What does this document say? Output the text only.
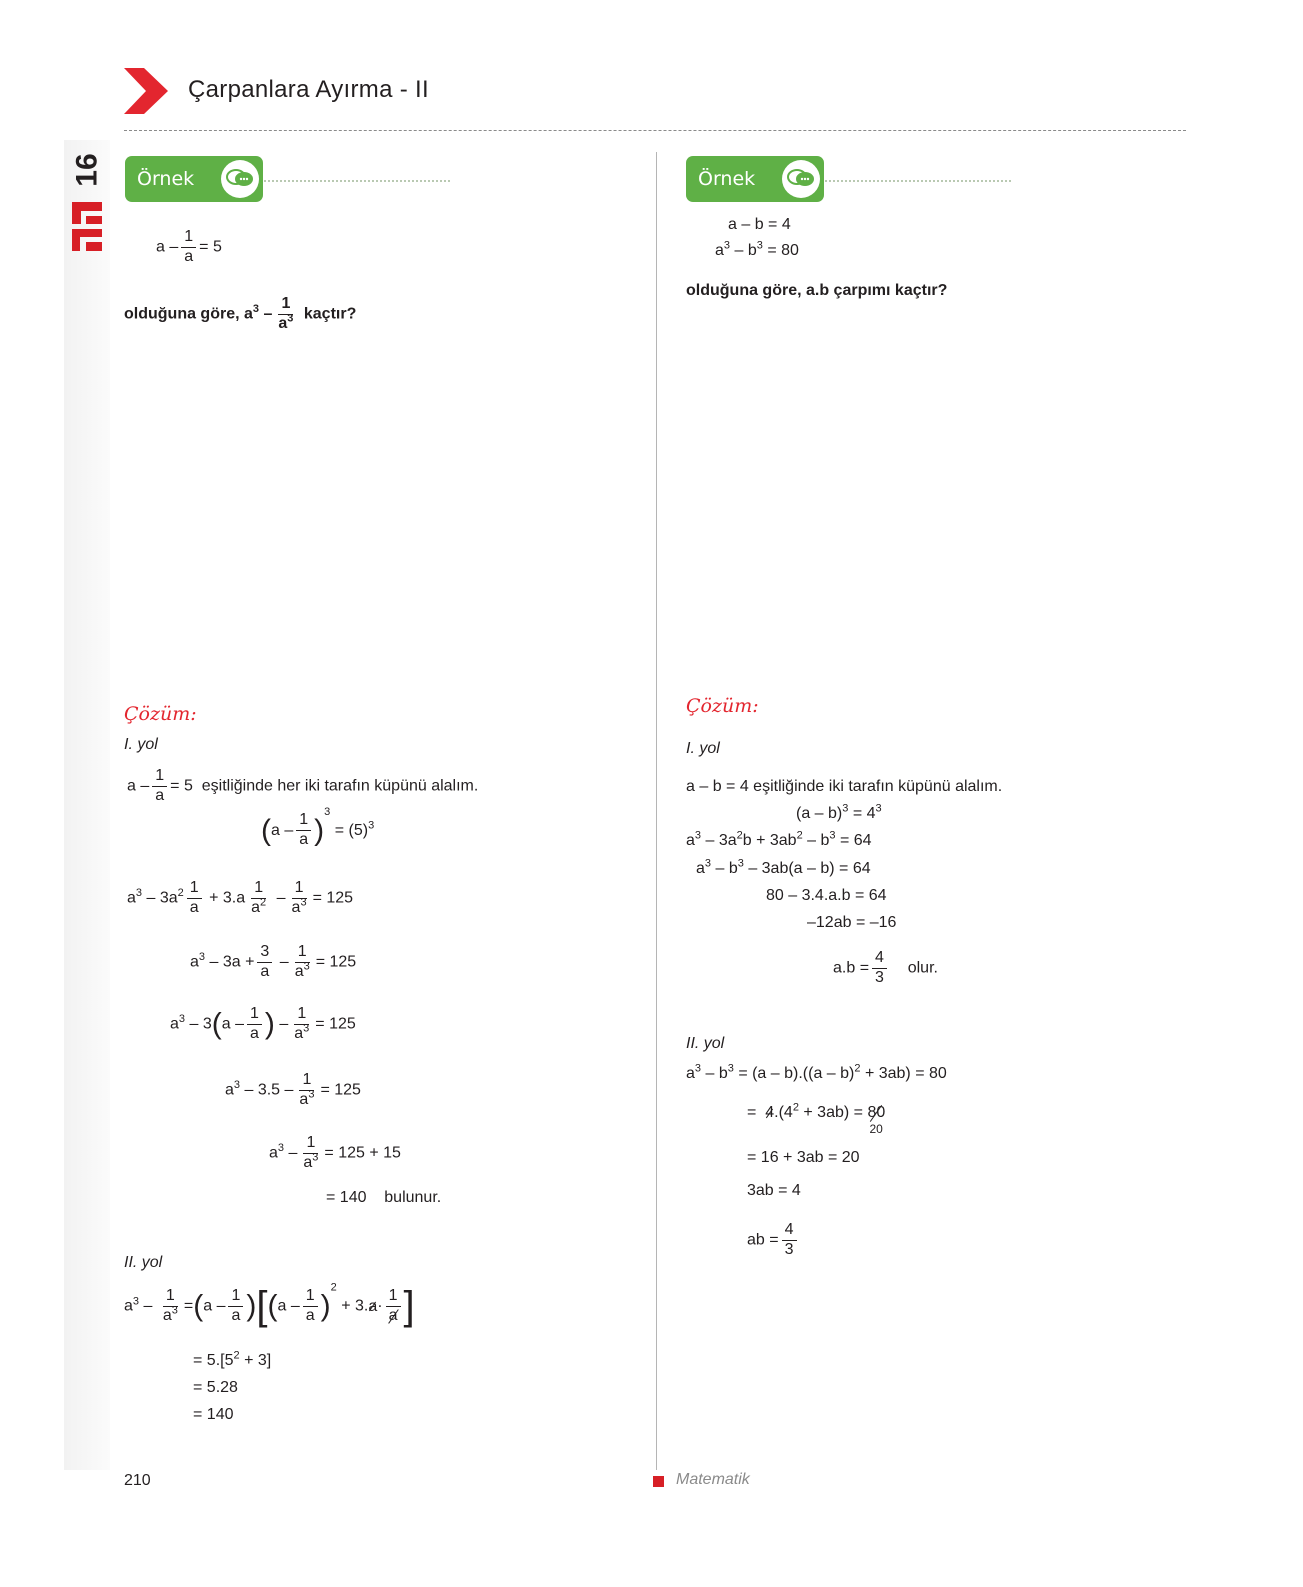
Çarpanlara Ayırma - II
16 Örnek
$a - \frac{1}{a} = 5$
olduğuna göre, $a^3 - \frac{1}{a^3}$ kaçtır?
Çözüm:
I. yol
$a - \frac{1}{a} = 5$ eşitliğinde her iki tarafın küpünü alalım.
$(a - \frac{1}{a} )^3 = (5)^3$
$a^3 - 3a^2 \frac{1}{a} + 3.a \frac{1}{a^2} - \frac{1}{a^3} = 125$
$a^3 - 3a + \frac{3}{a} - \frac{1}{a^3} = 125$
$a^3 - 3(a - \frac{1}{a}$ ) – $\frac{1}{a^3} = 125$
$a^3 - 3.5 - \frac{1}{a^3} = 125$
$a^3 - \frac{1}{a^3} = 125 + 15$
= 140 bulunur.
II. yol
$a^3 - \frac{1}{a^3} =(a - \frac{1}{a} )[(a - \frac{1}{a} )^2 + 3.a\cdot \frac{1}{a}$ ]
= $5.[5^2 + 3]$
= 5.28
= 140
Örnek
a – b = 4
$a^3 - b^3 = 80$
olduğuna göre, a.b çarpımı kaçtır?
Çözüm:
I. yol
a – b = 4 eşitliğinde iki tarafın küpünü alalım.
$(a - b)^3 = 4^3$
$a^3 - 3a^2b + 3ab^2 - b^3 = 64$
$a^3 - b^3 - 3ab(a - b) = 64$
80 – 3.4.a.b = 64
–12ab = –16
$a.b = \frac{4}{3}$ olur.
II. yol
$a^3 - b^3 = (a - b).((a - b)^2 + 3ab) = 80$
= $4.(4^2 + 3ab) = 80$
20
= 16 + 3ab = 20
3ab = 4
ab = $\frac{4}{3}$
210	Matematik
